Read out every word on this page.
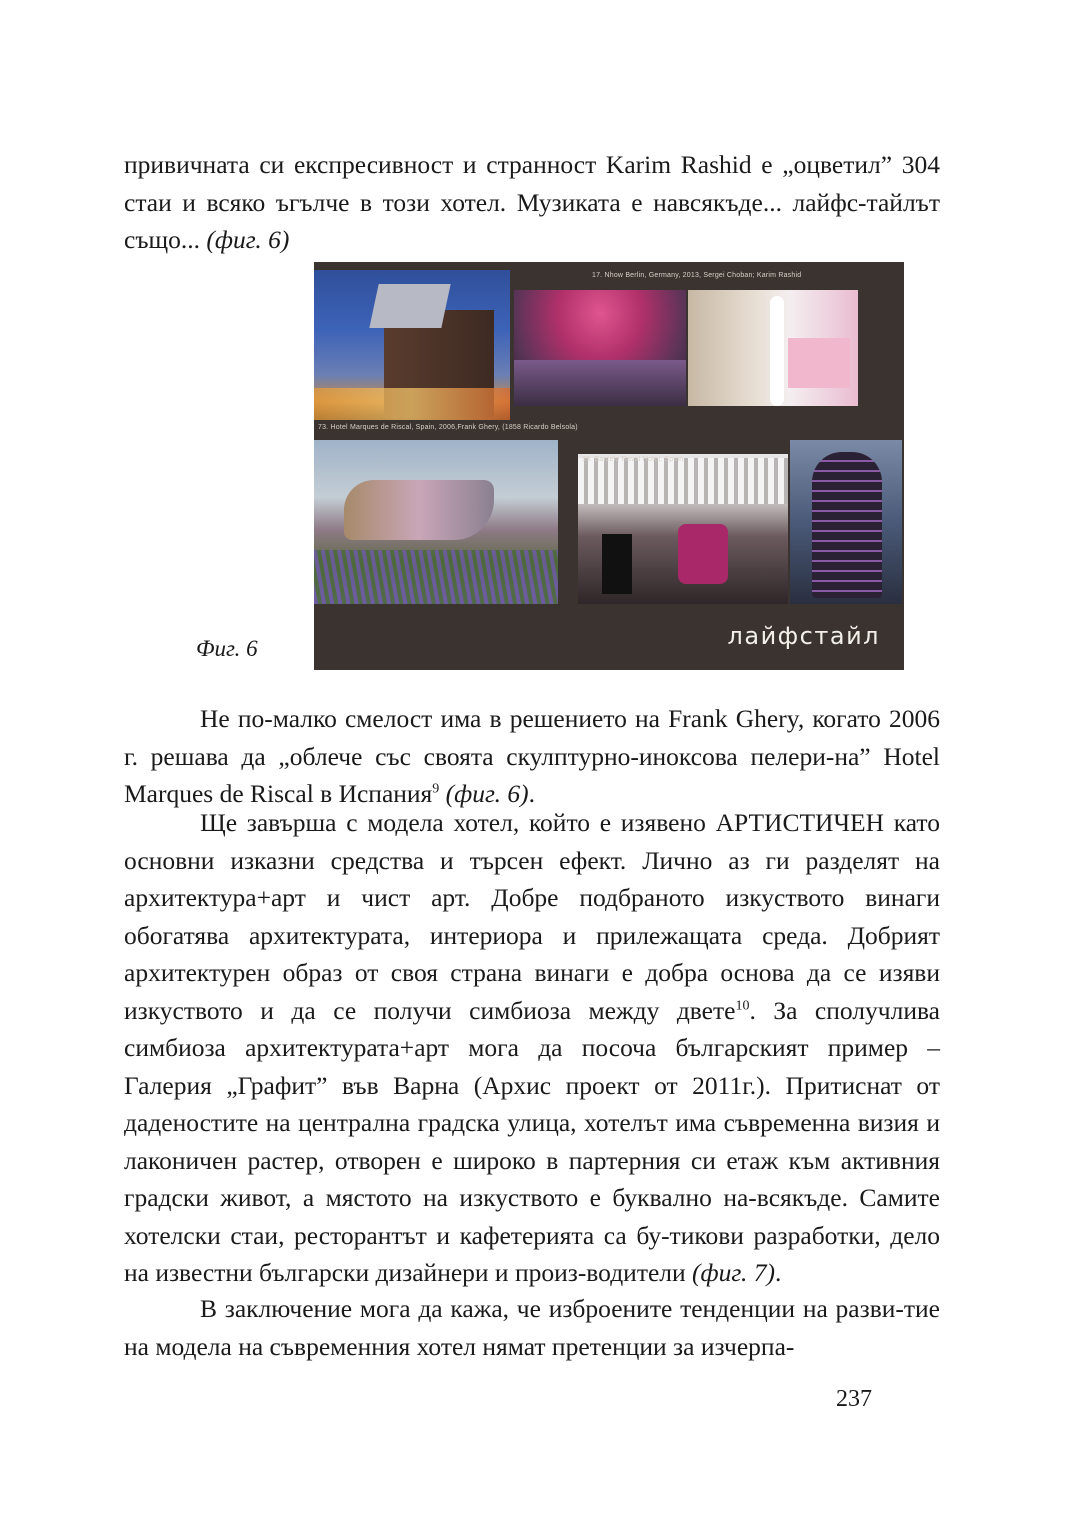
привичната си експресивност и странност Karim Rashid е „оцветил” 304 стаи и всяко ъгълче в този хотел. Музиката е навсякъде... лайфс-тайлът също... (фиг. 6)

17. Nhow Berlin, Germany, 2013, Sergei Choban; Karim Rashid
73. Hotel Marques de Riscal, Spain, 2006,Frank Ghery, (1858 Ricardo Belsola)
99. Barcelo Raval Hotel, Spain
лайфстайл
Фиг. 6

Не по-малко смелост има в решението на Frank Ghery, когато 2006 г. решава да „облече със своята скулптурно-иноксова пелери-на” Hotel Marques de Riscal в Испания$^9$ (фиг. 6).

Ще завърша с модела хотел, който е изявено АРТИСТИЧЕН като основни изказни средства и търсен ефект. Лично аз ги разделят на архитектура+арт и чист арт. Добре подбраното изкуството винаги обогатява архитектурата, интериора и прилежащата среда. Добрият архитектурен образ от своя страна винаги е добра основа да се изяви изкуството и да се получи симбиоза между двете$^{10}$. За сполучлива симбиоза архитектурата+арт мога да посоча българският пример – Галерия „Графит” във Варна (Архис проект от 2011г.). Притиснат от даденостите на централна градска улица, хотелът има съвременна визия и лаконичен растер, отворен е широко в партерния си етаж към активния градски живот, а мястото на изкуството е буквално на-всякъде. Самите хотелски стаи, ресторантът и кафетерията са бу-тикови разработки, дело на известни български дизайнери и произ-водители (фиг. 7).

В заключение мога да кажа, че изброените тенденции на разви-тие на модела на съвременния хотел нямат претенции за изчерпа-

237
